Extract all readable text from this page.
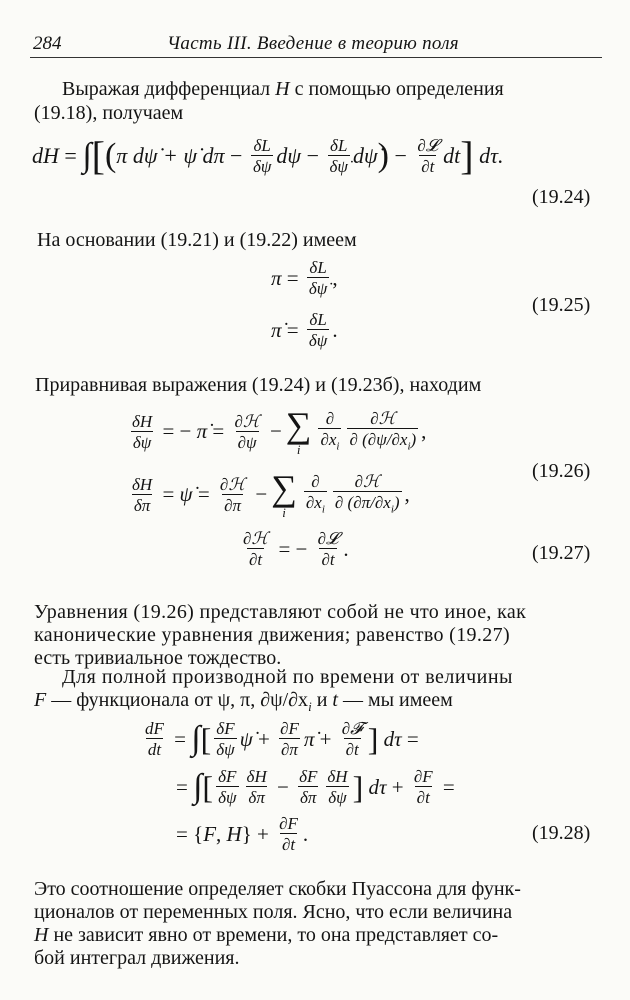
284	Часть III. Введение в теорию поля
Выражая дифференциал H с помощью определения
(19.18), получаем
dH = ∫ [ ( π dψ̇ + ψ̇ $d\pi - \frac{\delta L}{\delta\psi}$ $d\psi - \frac{\delta L}{\delta\psi̇}$ dψ̇ ) − $\frac{\text{∂𝓛}}{\partial t}$ dt ] dτ.
(19.24)
На основании (19.21) и (19.22) имеем
$\pi = \frac{\delta L}{\delta\psi̇}$ ,
π̇ = $\frac{\delta L}{\delta\psi}$ .
(19.25)
Приравнивая выражения (19.24) и (19.23б), находим
$\frac{\delta H}{\delta\psi}$ = − π̇ = $\frac{\text{∂ℋ}}{\partial\psi}$ − ∑
i $\frac{\partial}{\partial x_i} \frac{\text{∂ℋ}}{\partial (\partial\psi/\partial x_i)}$ ,
$\frac{\delta H}{\delta\pi}$ = ψ̇ = $\frac{\text{∂ℋ}}{\partial\pi}$ − ∑
i $\frac{\partial}{\partial x_i} \frac{\text{∂ℋ}}{\partial (\partial\pi/\partial x_i)}$ ,
(19.26)
$\frac{\text{∂ℋ}}{\partial t}$ = − $\frac{\text{∂𝓛}}{\partial t}$ .	(19.27)
Уравнения (19.26) представляют собой не что иное, как
канонические уравнения движения; равенство (19.27)
есть тривиальное тождество.
Для полной производной по времени от величины
F — функционала от ψ, π, $\partial\psi/\partial x_i$ и t — мы имеем
$\frac{dF}{dt}$ = ∫ [ $\frac{\delta F}{\delta\psi}$ ψ̇ + $\frac{\partial F}{\partial\pi}$ π̇ + $\frac{\text{∂𝓕}}{\partial t}$ ] dτ =
= ∫ [ $\frac{\delta F}{\delta\psi} \frac{\delta H}{\delta\pi} - \frac{\delta F}{\delta\pi} \frac{\delta H}{\delta\psi}$ ] $d\tau + \frac{\partial F}{\partial t}$ =
= { F , H } + $\frac{\partial F}{\partial t}$ .	(19.28)
Это соотношение определяет скобки Пуассона для функ-
ционалов от переменных поля. Ясно, что если величина
H не зависит явно от времени, то она представляет со-
бой интеграл движения.
